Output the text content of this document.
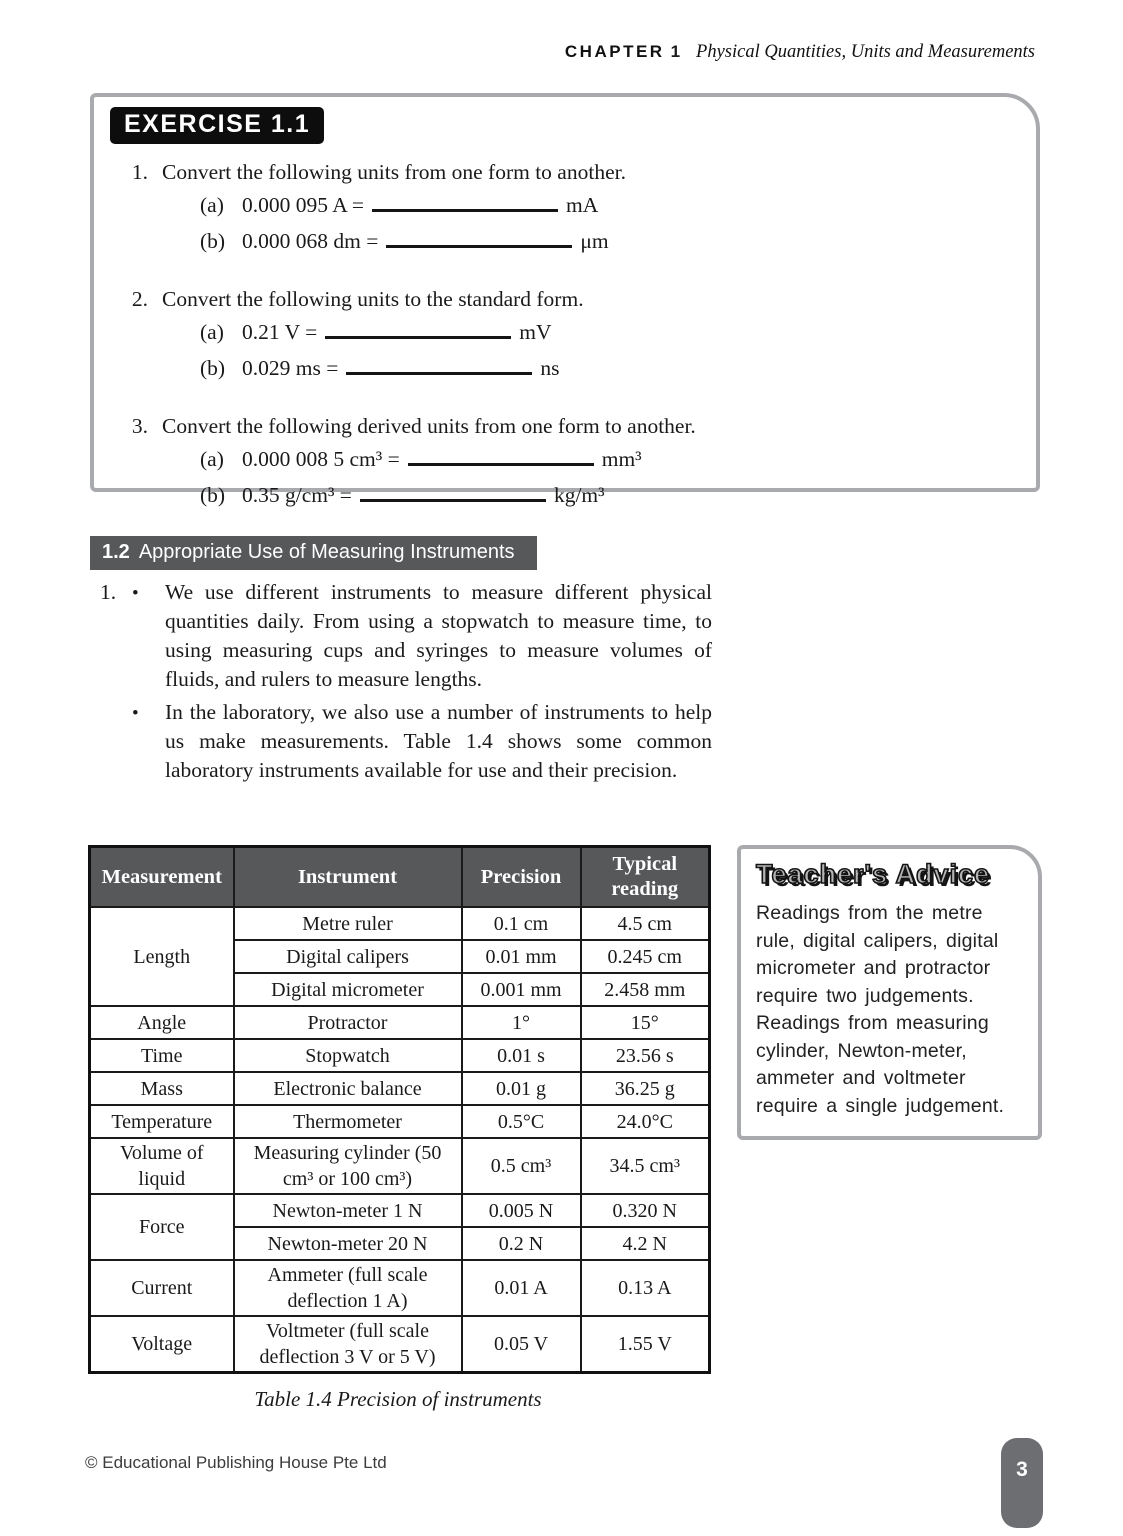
CHAPTER 1 Physical Quantities, Units and Measurements
EXERCISE 1.1
1. Convert the following units from one form to another.
(a) 0.000 095 A =	mA
(b) 0.000 068 dm =	μm
2. Convert the following units to the standard form.
(a) 0.21 V =	mV
(b) 0.029 ms =	ns
3. Convert the following derived units from one form to another.
(a) 0.000 008 5 cm³ =	mm³
(b) 0.35 g/cm³ =	kg/m³
1.2 Appropriate Use of Measuring Instruments
1. •	We use different instruments to measure different physical quantities daily. From using a stopwatch to measure time, to using measuring cups and syringes to measure volumes of fluids, and rulers to measure lengths.

•	In the laboratory, we also use a number of instruments to help us make measurements. Table 1.4 shows some common laboratory instruments available for use and their precision.

Measurement	Instrument	Precision	Typical reading
Length	Metre ruler	0.1 cm	4.5 cm
	Digital calipers	0.01 mm	0.245 cm
	Digital micrometer	0.001 mm	2.458 mm
Angle	Protractor	1°	15°
Time	Stopwatch	0.01 s	23.56 s
Mass	Electronic balance	0.01 g	36.25 g
Temperature	Thermometer	0.5°C	24.0°C
Volume of liquid	Measuring cylinder (50 cm³ or 100 cm³)	0.5 cm³	34.5 cm³
Force	Newton-meter 1 N	0.005 N	0.320 N
	Newton-meter 20 N	0.2 N	4.2 N
Current	Ammeter (full scale deflection 1 A)	0.01 A	0.13 A
Voltage	Voltmeter (full scale deflection 3 V or 5 V)	0.05 V	1.55 V
Table 1.4 Precision of instruments
Teacher's Advice
Readings from the metre rule, digital calipers, digital micrometer and protractor require two judgements. Readings from measuring cylinder, Newton-meter, ammeter and voltmeter require a single judgement.
© Educational Publishing House Pte Ltd	3
